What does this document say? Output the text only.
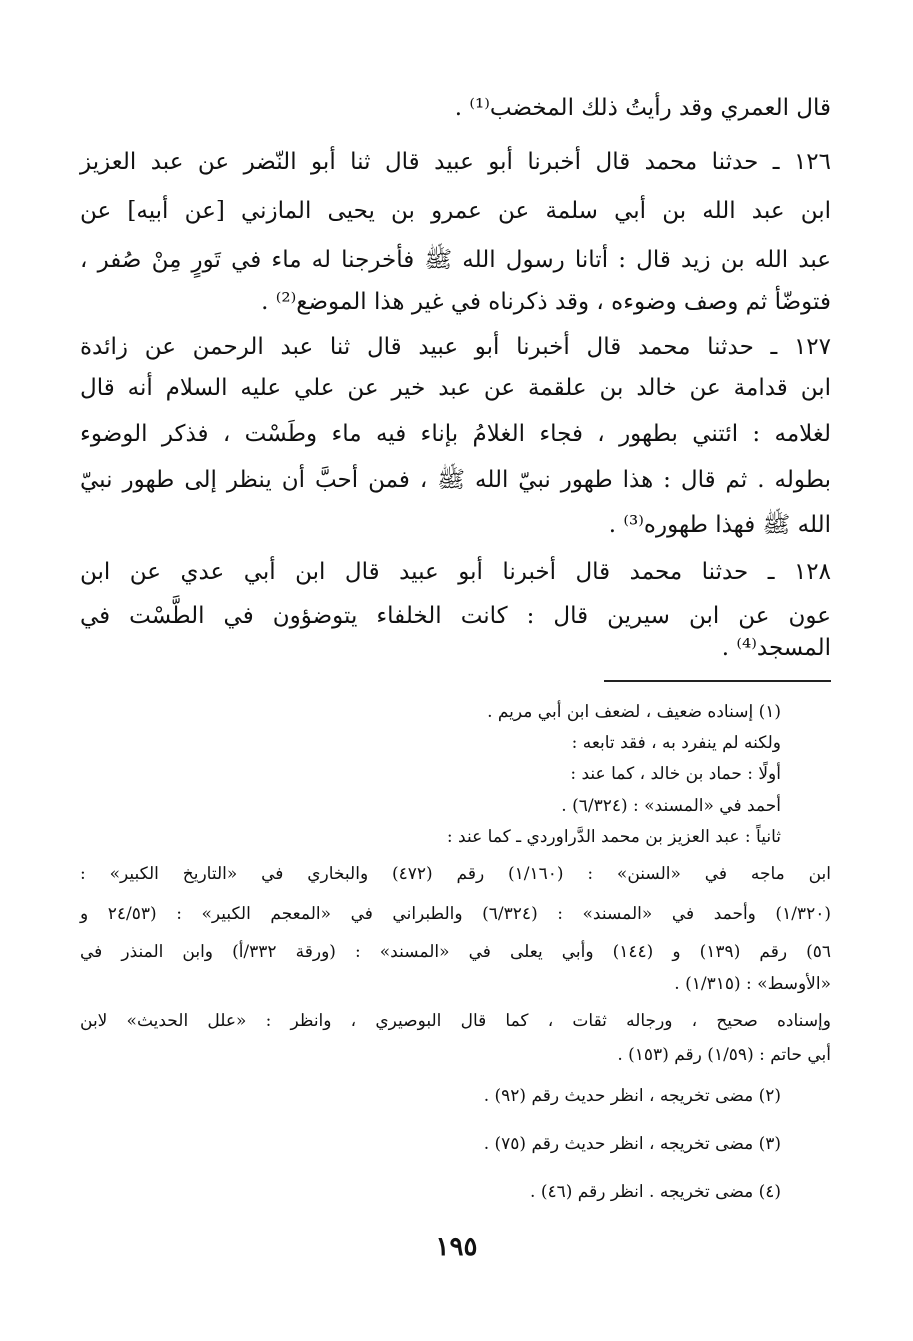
قال العمري وقد رأيتُ ذلك المخضب⁽¹⁾ .

١٢٦ ـ حدثنا محمد قال أخبرنا أبو عبيد قال ثنا أبو النّضر عن عبد العزيز

ابن عبد الله بن أبي سلمة عن عمرو بن يحيى المازني [عن أبيه] عن

عبد الله بن زيد قال : أتانا رسول الله ﷺ فأخرجنا له ماء في تَورٍ مِنْ صُفر ،

فتوضّأ ثم وصف وضوءه ، وقد ذكرناه في غير هذا الموضع⁽²⁾ .

١٢٧ ـ حدثنا محمد قال أخبرنا أبو عبيد قال ثنا عبد الرحمن عن زائدة

ابن قدامة عن خالد بن علقمة عن عبد خير عن علي عليه السلام أنه قال

لغلامه : ائتني بطهور ، فجاء الغلامُ بإناء فيه ماء وطَسْت ، فذكر الوضوء

بطوله . ثم قال : هذا طهور نبيّ الله ﷺ ، فمن أحبَّ أن ينظر إلى طهور نبيّ

الله ﷺ فهذا طهوره⁽³⁾ .

١٢٨ ـ حدثنا محمد قال أخبرنا أبو عبيد قال ابن أبي عدي عن ابن

عون عن ابن سيرين قال : كانت الخلفاء يتوضؤون في الطَّسْت في

المسجد⁽⁴⁾ .

(١) إسناده ضعيف ، لضعف ابن أبي مريم .

ولكنه لم ينفرد به ، فقد تابعه :

أولًا : حماد بن خالد ، كما عند :

أحمد في «المسند» : (٦/٣٢٤) .

ثانياً : عبد العزيز بن محمد الدَّراوردي ـ كما عند :

ابن ماجه في «السنن» : (١/١٦٠) رقم (٤٧٢) والبخاري في «التاريخ الكبير» :

(١/٣٢٠) وأحمد في «المسند» : (٦/٣٢٤) والطبراني في «المعجم الكبير» : (٢٤/٥٣ و

٥٦) رقم (١٣٩) و (١٤٤) وأبي يعلى في «المسند» : (ورقة ٣٣٢/أ) وابن المنذر في

«الأوسط» : (١/٣١٥) .

وإسناده صحيح ، ورجاله ثقات ، كما قال البوصيري ، وانظر : «علل الحديث» لابن

أبي حاتم : (١/٥٩) رقم (١٥٣) .

(٢) مضى تخريجه ، انظر حديث رقم (٩٢) .

(٣) مضى تخريجه ، انظر حديث رقم (٧٥) .

(٤) مضى تخريجه . انظر رقم (٤٦) .

١٩٥
